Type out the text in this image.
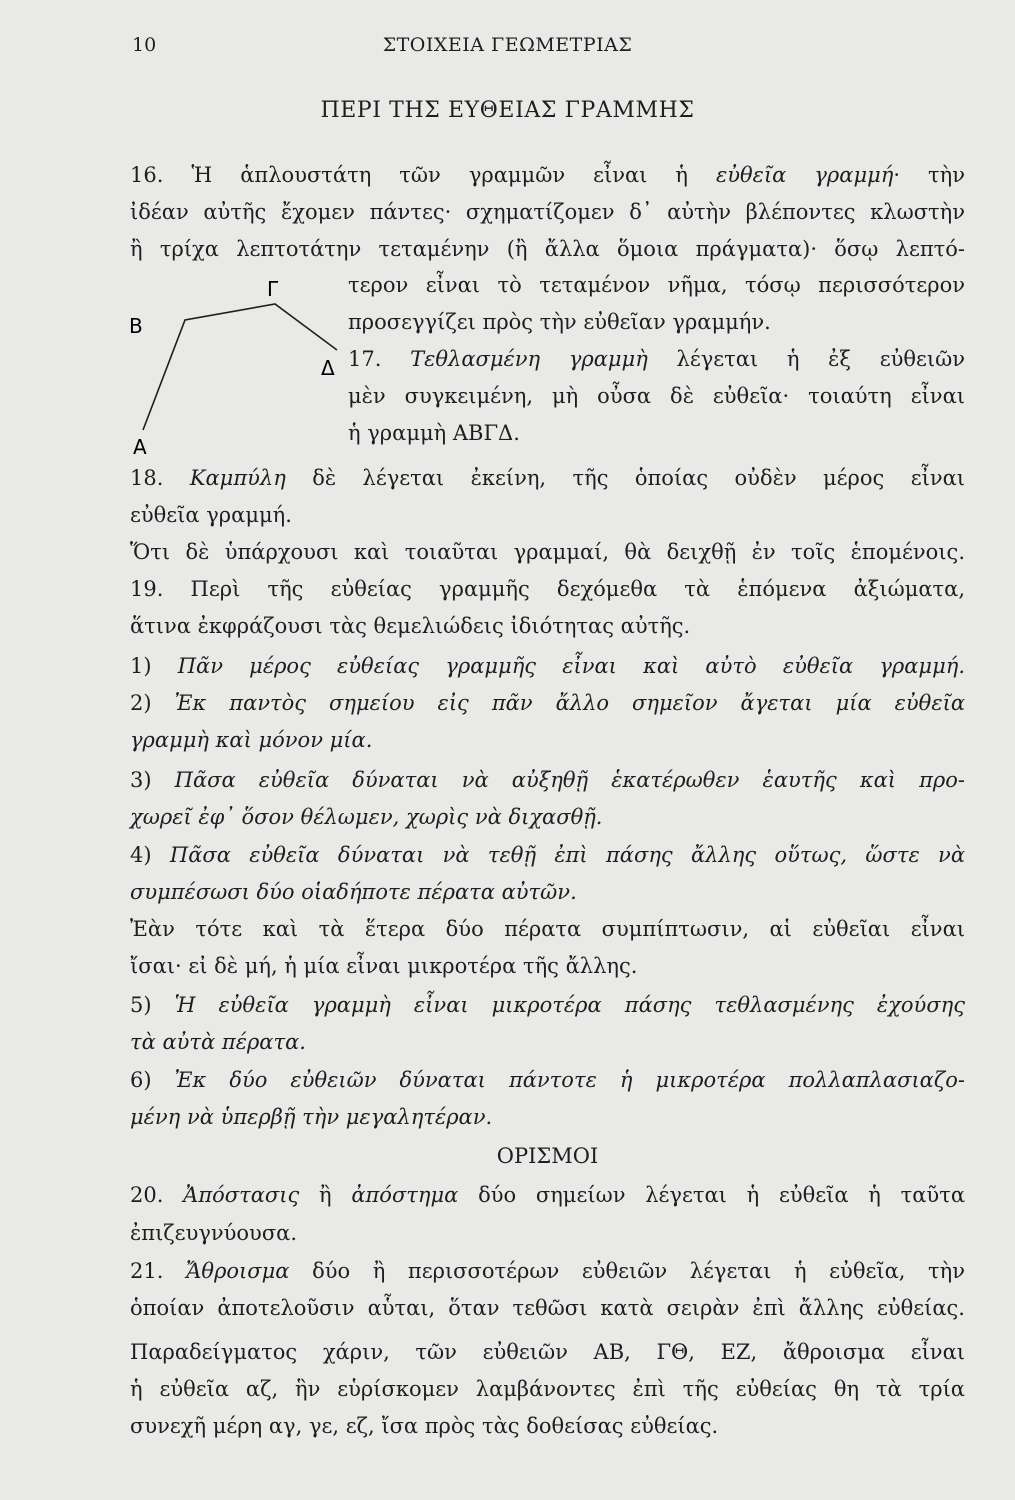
10	ΣΤΟΙΧΕΙΑ ΓΕΩΜΕΤΡΙΑΣ
ΠΕΡΙ ΤΗΣ ΕΥΘΕΙΑΣ ΓΡΑΜΜΗΣ
Β
Γ
Δ
Α
16. Ἡ ἁπλουστάτη τῶν γραμμῶν εἶναι ἡ εὐθεῖα γραμμή· τὴν
ἰδέαν αὐτῆς ἔχομεν πάντες· σχηματίζομεν δ᾽ αὐτὴν βλέποντες κλωστὴν
ἢ τρίχα λεπτοτάτην τεταμένην (ἢ ἄλλα ὅμοια πράγματα)· ὅσῳ λεπτό-
τερον εἶναι τὸ τεταμένον νῆμα, τόσῳ περισσότερον
προσεγγίζει πρὸς τὴν εὐθεῖαν γραμμήν.
17. Τεθλασμένη γραμμὴ λέγεται ἡ ἐξ εὐθειῶν
μὲν συγκειμένη, μὴ οὖσα δὲ εὐθεῖα· τοιαύτη εἶναι
ἡ γραμμὴ ΑΒΓΔ.
18. Καμπύλη δὲ λέγεται ἐκείνη, τῆς ὁποίας οὐδὲν μέρος εἶναι
εὐθεῖα γραμμή.
Ὅτι δὲ ὑπάρχουσι καὶ τοιαῦται γραμμαί, θὰ δειχθῇ ἐν τοῖς ἑπομένοις.
19. Περὶ τῆς εὐθείας γραμμῆς δεχόμεθα τὰ ἑπόμενα ἀξιώματα,
ἅτινα ἐκφράζουσι τὰς θεμελιώδεις ἰδιότητας αὐτῆς.
1) Πᾶν μέρος εὐθείας γραμμῆς εἶναι καὶ αὐτὸ εὐθεῖα γραμμή.
2) Ἐκ παντὸς σημείου εἰς πᾶν ἄλλο σημεῖον ἄγεται μία εὐθεῖα
γραμμὴ καὶ μόνον μία.
3) Πᾶσα εὐθεῖα δύναται νὰ αὐξηθῇ ἑκατέρωθεν ἑαυτῆς καὶ προ-
χωρεῖ ἐφ᾽ ὅσον θέλωμεν, χωρὶς νὰ διχασθῇ.
4) Πᾶσα εὐθεῖα δύναται νὰ τεθῇ ἐπὶ πάσης ἄλλης οὕτως, ὥστε νὰ
συμπέσωσι δύο οἱαδήποτε πέρατα αὐτῶν.
Ἐὰν τότε καὶ τὰ ἕτερα δύο πέρατα συμπίπτωσιν, αἱ εὐθεῖαι εἶναι
ἴσαι· εἰ δὲ μή, ἡ μία εἶναι μικροτέρα τῆς ἄλλης.
5) Ἡ εὐθεῖα γραμμὴ εἶναι μικροτέρα πάσης τεθλασμένης ἐχούσης
τὰ αὐτὰ πέρατα.
6) Ἐκ δύο εὐθειῶν δύναται πάντοτε ἡ μικροτέρα πολλαπλασιαζο-
μένη νὰ ὑπερβῇ τὴν μεγαλητέραν.
ΟΡΙΣΜΟΙ
20. Ἀπόστασις ἢ ἀπόστημα δύο σημείων λέγεται ἡ εὐθεῖα ἡ ταῦτα
ἐπιζευγνύουσα.
21. Ἄθροισμα δύο ἢ περισσοτέρων εὐθειῶν λέγεται ἡ εὐθεῖα, τὴν
ὁποίαν ἀποτελοῦσιν αὗται, ὅταν τεθῶσι κατὰ σειρὰν ἐπὶ ἄλλης εὐθείας.
Παραδείγματος χάριν, τῶν εὐθειῶν ΑΒ, ΓΘ, ΕΖ, ἄθροισμα εἶναι
ἡ εὐθεῖα αζ, ἣν εὑρίσκομεν λαμβάνοντες ἐπὶ τῆς εὐθείας θη τὰ τρία
συνεχῆ μέρη αγ, γε, εζ, ἴσα πρὸς τὰς δοθείσας εὐθείας.
